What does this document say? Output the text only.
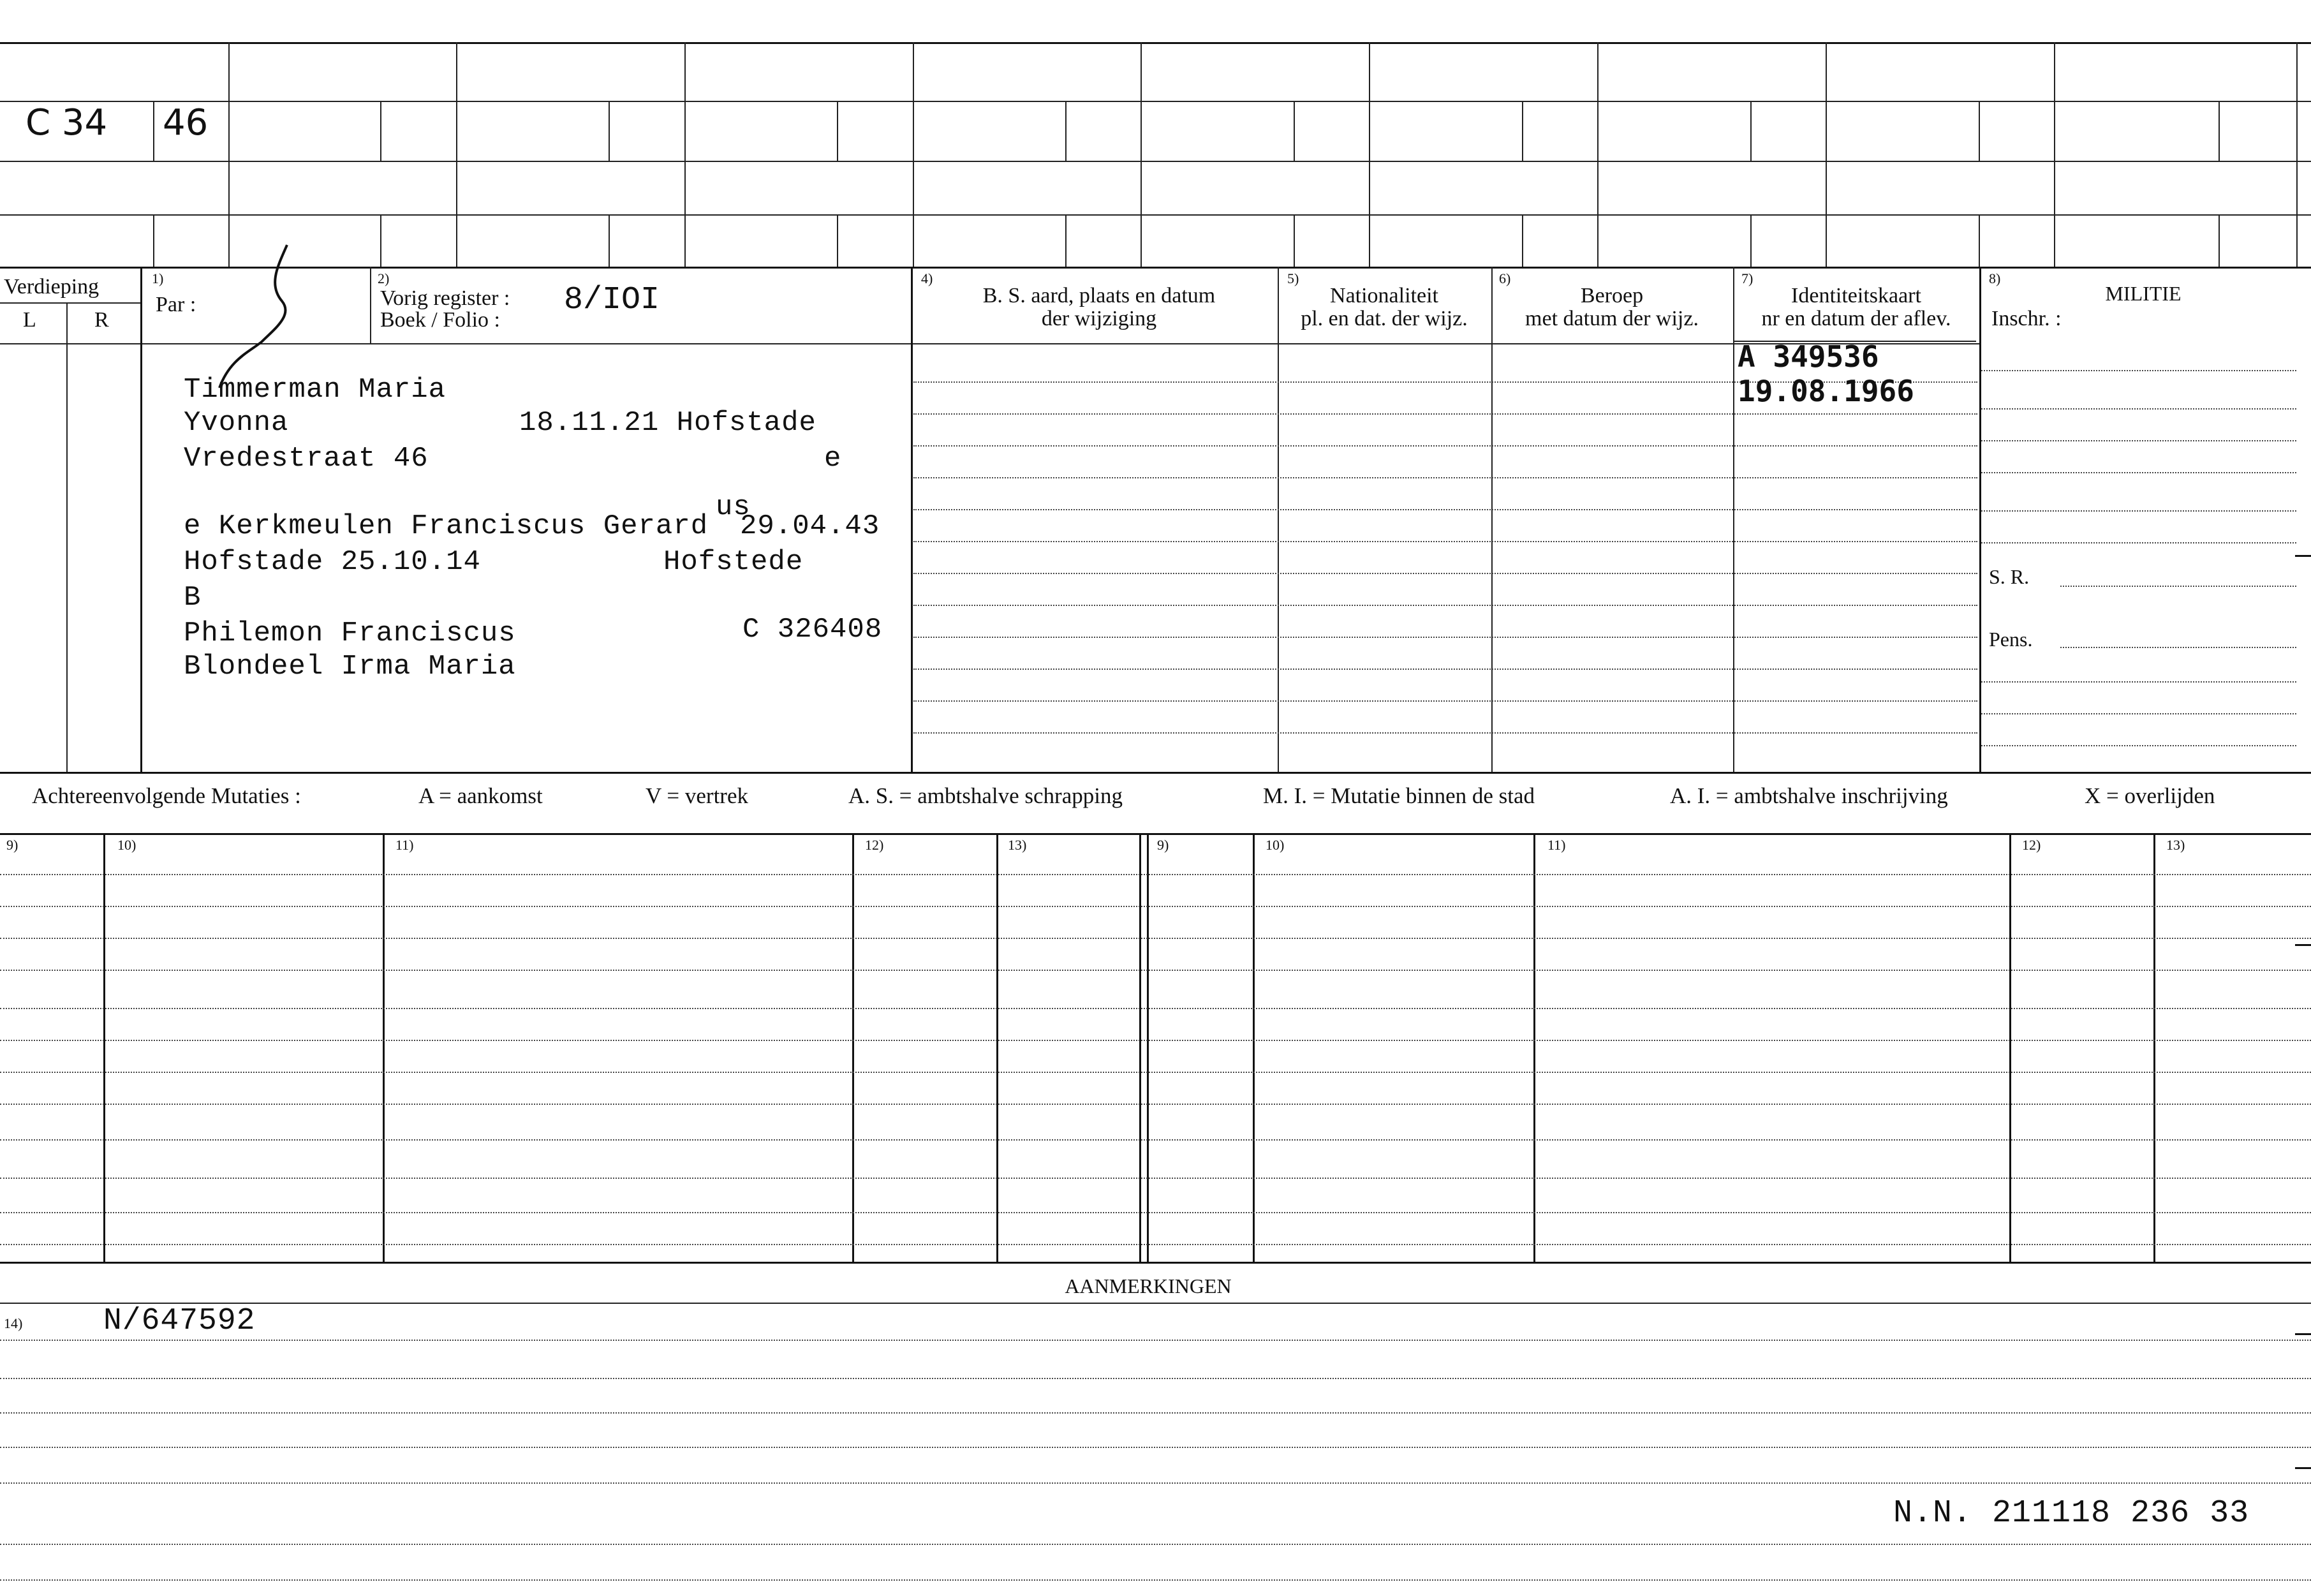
C 34 46
Verdieping
L	R
1)
Par :
2)
Vorig register :
Boek / Folio :
8/IOI
4)
B. S. aard, plaats en datum
der wijziging
5)
Nationaliteit
pl. en dat. der wijz.
6)
Beroep
met datum der wijz.
7)
Identiteitskaart
nr en datum der aflev.
8)
MILITIE
Inschr. :
S. R.
Pens.
Timmerman Maria
Yvonna	18.11.21 Hofstade
Vredestraat 46	e
e Kerkmeulen Franciscus Gerard
us
29.04.43
Hofstade 25.10.14	Hofstede
B
Philemon Franciscus	C 326408
Blondeel Irma Maria
A 349536
19.08.1966
Achtereenvolgende Mutaties :	A = aankomst	V = vertrek	A. S. = ambtshalve schrapping	M. I. = Mutatie binnen de stad	A. I. = ambtshalve inschrijving	X = overlijden
9)	10)	11)	12)	13)	9)	10)	11)	12)	13)
AANMERKINGEN
14)	N/647592
N.N. 211118 236 33
